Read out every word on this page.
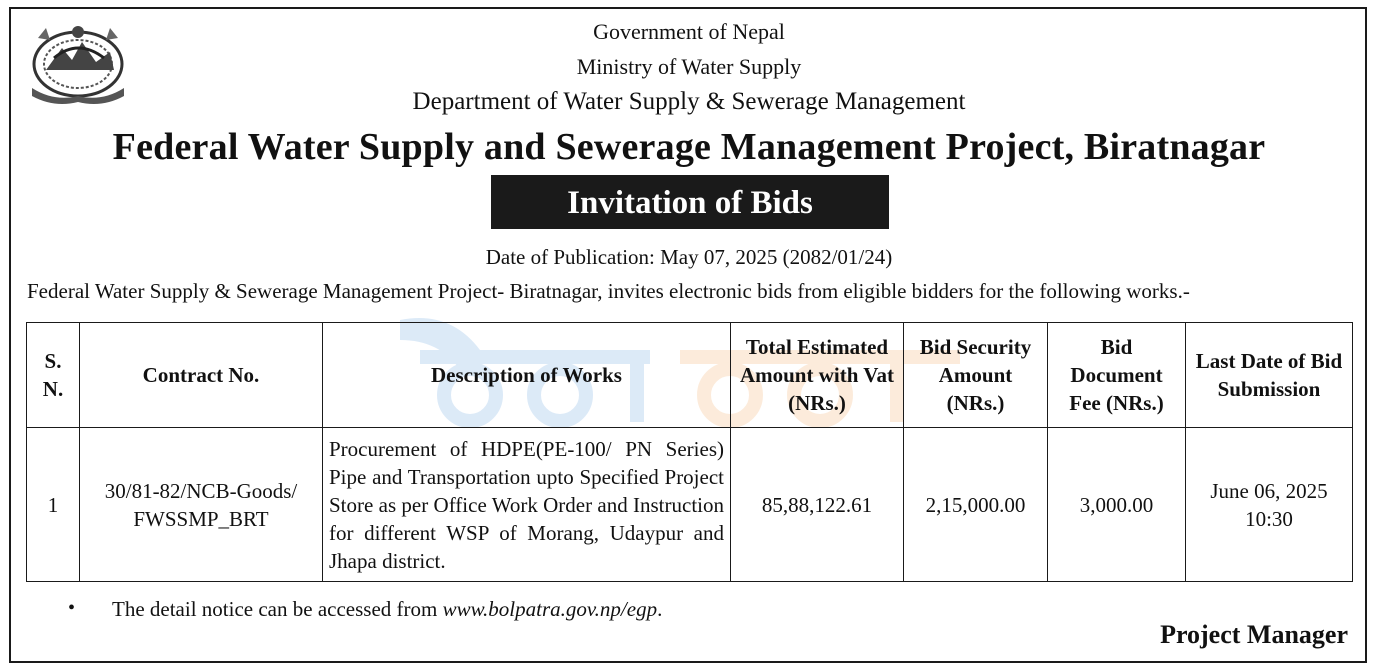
Government of Nepal
Ministry of Water Supply
Department of Water Supply & Sewerage Management
Federal Water Supply and Sewerage Management Project, Biratnagar
Invitation of Bids
Date of Publication: May 07, 2025 (2082/01/24)
Federal Water Supply & Sewerage Management Project- Biratnagar, invites electronic bids from eligible bidders for the following works.-
S. N.	Contract No.	Description of Works	Total Estimated Amount with Vat (NRs.)	Bid Security Amount (NRs.)	Bid Document Fee (NRs.)	Last Date of Bid Submission
1	30/81-82/NCB-Goods/ FWSSMP_BRT	Procurement of HDPE(PE-100/ PN Series) Pipe and Transportation upto Specified Project Store as per Office Work Order and Instruction for different WSP of Morang, Udaypur and Jhapa district.	85,88,122.61	2,15,000.00	3,000.00	June 06, 2025 10:30
• The detail notice can be accessed from www.bolpatra.gov.np/egp.
Project Manager
